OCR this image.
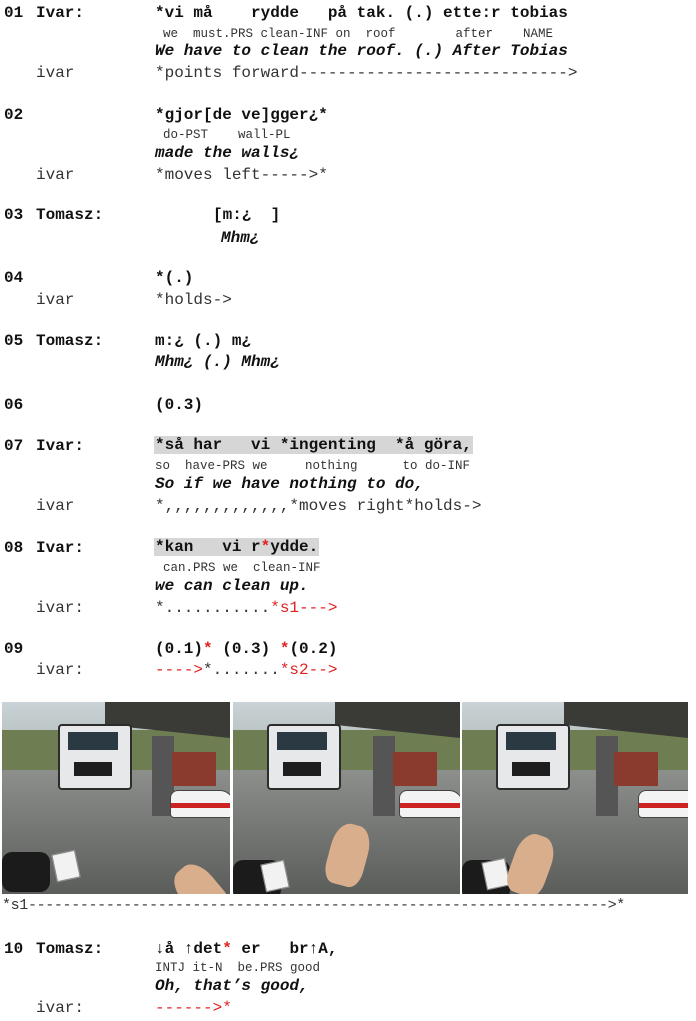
01 Ivar:	*vi må    rydde   på tak. (.) ette:r tobias
we  must.PRS clean-INF on  roof        after    NAME
We have to clean the roof. (.) After Tobias
ivar	*points forward---------------------------->
02	*gjor[de ve]gger¿*
do-PST    wall-PL
made the walls¿
ivar	*moves left----->*
03 Tomasz:	[m:¿  ]
Mhm¿
04	*(.)
ivar	*holds->
05 Tomasz:	m:¿ (.) m¿
Mhm¿ (.) Mhm¿
06	(0.3)
07 Ivar:	*så har   vi *ingenting  *å göra,
so  have-PRS we     nothing      to do-INF
So if we have nothing to do,
ivar	*,,,,,,,,,,,,,*moves right*holds->
08 Ivar:	*kan   vi r*ydde.
can.PRS we  clean-INF
we can clean up.
ivar:	*...........*s1--->
09	(0.1)* (0.3) *(0.2)
ivar:	---->*.......*s2-->
*s1------------------------------------------------------------------->*
10 Tomasz:	↓å ↑det* er   br↑A,
INTJ it-N  be.PRS good
Oh, that’s good,
ivar:	------>*
